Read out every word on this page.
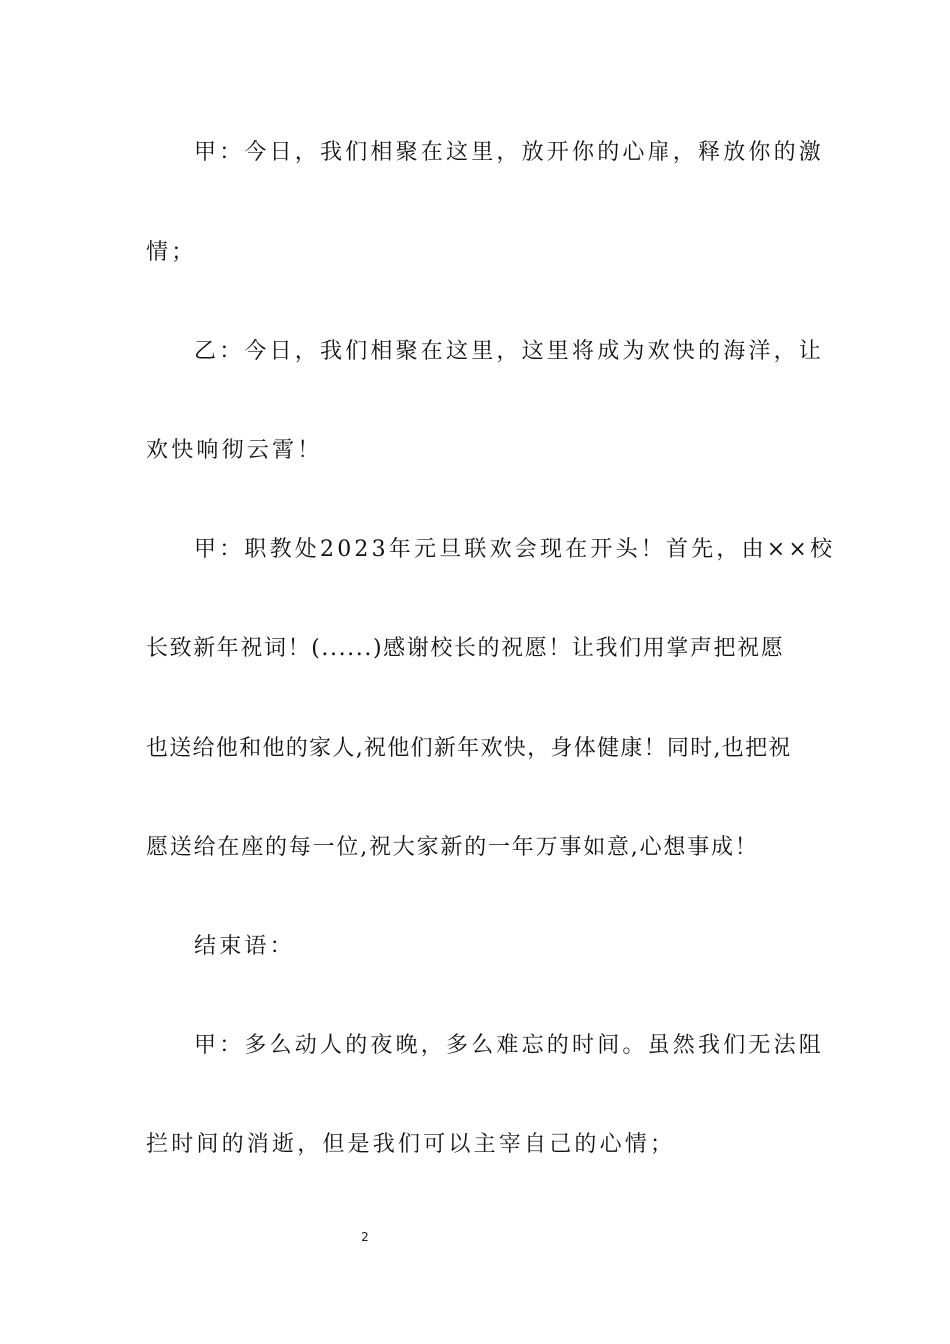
甲：今日，我们相聚在这里，放开你的心扉，释放你的激
情；
乙：今日，我们相聚在这里，这里将成为欢快的海洋，让
欢快响彻云霄！
甲：职教处2023年元旦联欢会现在开头！首先，由××校
长致新年祝词！(......)感谢校长的祝愿！让我们用掌声把祝愿
也送给他和他的家人,祝他们新年欢快，身体健康！同时,也把祝
愿送给在座的每一位,祝大家新的一年万事如意,心想事成！
结束语：
甲：多么动人的夜晚，多么难忘的时间。虽然我们无法阻
拦时间的消逝，但是我们可以主宰自己的心情；
2
